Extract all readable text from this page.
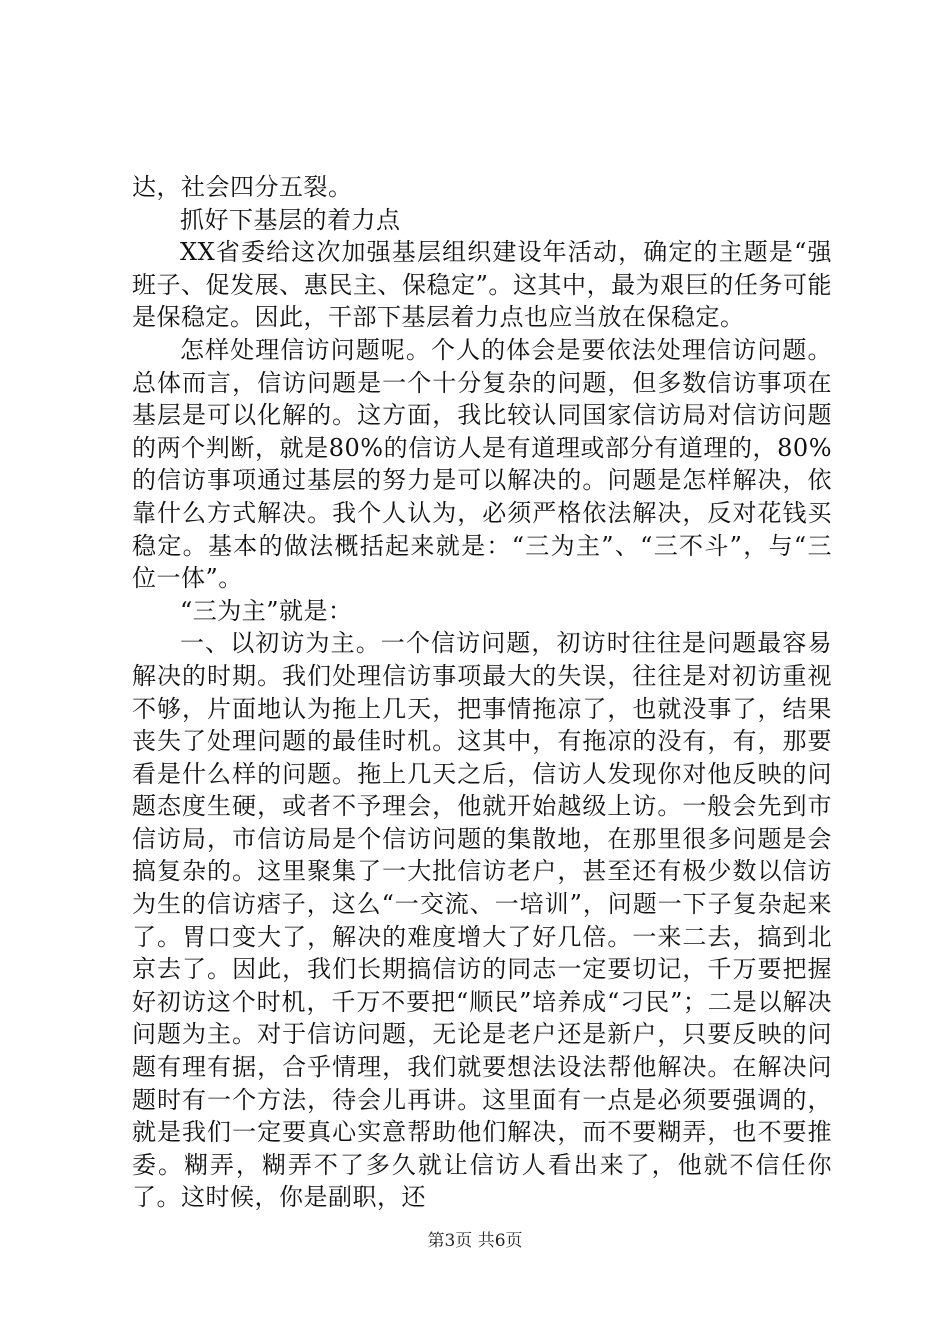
达，社会四分五裂。

抓好下基层的着力点

XX省委给这次加强基层组织建设年活动，确定的主题是“强班子、促发展、惠民主、保稳定”。这其中，最为艰巨的任务可能是保稳定。因此，干部下基层着力点也应当放在保稳定。

怎样处理信访问题呢。个人的体会是要依法处理信访问题。总体而言，信访问题是一个十分复杂的问题，但多数信访事项在基层是可以化解的。这方面，我比较认同国家信访局对信访问题的两个判断，就是80%的信访人是有道理或部分有道理的，80%的信访事项通过基层的努力是可以解决的。问题是怎样解决，依靠什么方式解决。我个人认为，必须严格依法解决，反对花钱买稳定。基本的做法概括起来就是：“三为主”、“三不斗”，与“三位一体”。

“三为主”就是：

一、以初访为主。一个信访问题，初访时往往是问题最容易解决的时期。我们处理信访事项最大的失误，往往是对初访重视不够，片面地认为拖上几天，把事情拖凉了，也就没事了，结果丧失了处理问题的最佳时机。这其中，有拖凉的没有，有，那要看是什么样的问题。拖上几天之后，信访人发现你对他反映的问题态度生硬，或者不予理会，他就开始越级上访。一般会先到市信访局，市信访局是个信访问题的集散地，在那里很多问题是会搞复杂的。这里聚集了一大批信访老户，甚至还有极少数以信访为生的信访痞子，这么“一交流、一培训”，问题一下子复杂起来了。胃口变大了，解决的难度增大了好几倍。一来二去，搞到北京去了。因此，我们长期搞信访的同志一定要切记，千万要把握好初访这个时机，千万不要把“顺民”培养成“刁民”；二是以解决问题为主。对于信访问题，无论是老户还是新户，只要反映的问题有理有据，合乎情理，我们就要想法设法帮他解决。在解决问题时有一个方法，待会儿再讲。这里面有一点是必须要强调的，就是我们一定要真心实意帮助他们解决，而不要糊弄，也不要推委。糊弄，糊弄不了多久就让信访人看出来了，他就不信任你了。这时候，你是副职，还

第3页 共6页
